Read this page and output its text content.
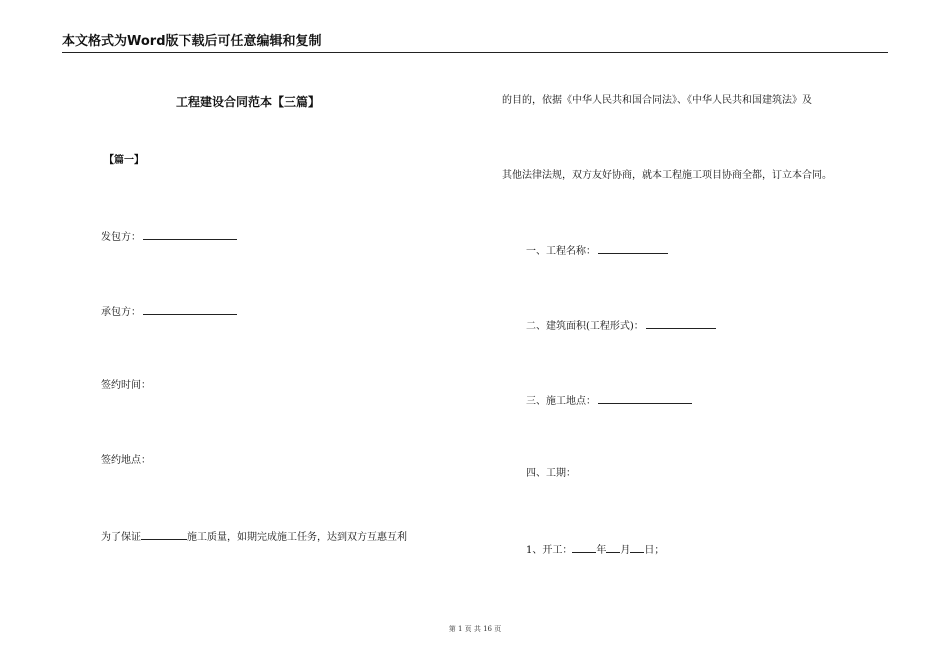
本文格式为Word版下载后可任意编辑和复制
工程建设合同范本【三篇】
【篇一】
发包方：
承包方：
签约时间：
签约地点：
为了保证	施工质量，如期完成施工任务，达到双方互惠互利
的目的，依据《中华人民共和国合同法》、《中华人民共和国建筑法》及
其他法律法规，双方友好协商，就本工程施工项目协商全都，订立本合同。
一、工程名称：
二、建筑面积(工程形式)：
三、施工地点：
四、工期：
1、开工： 年 月 日；
第 1 页 共 16 页
